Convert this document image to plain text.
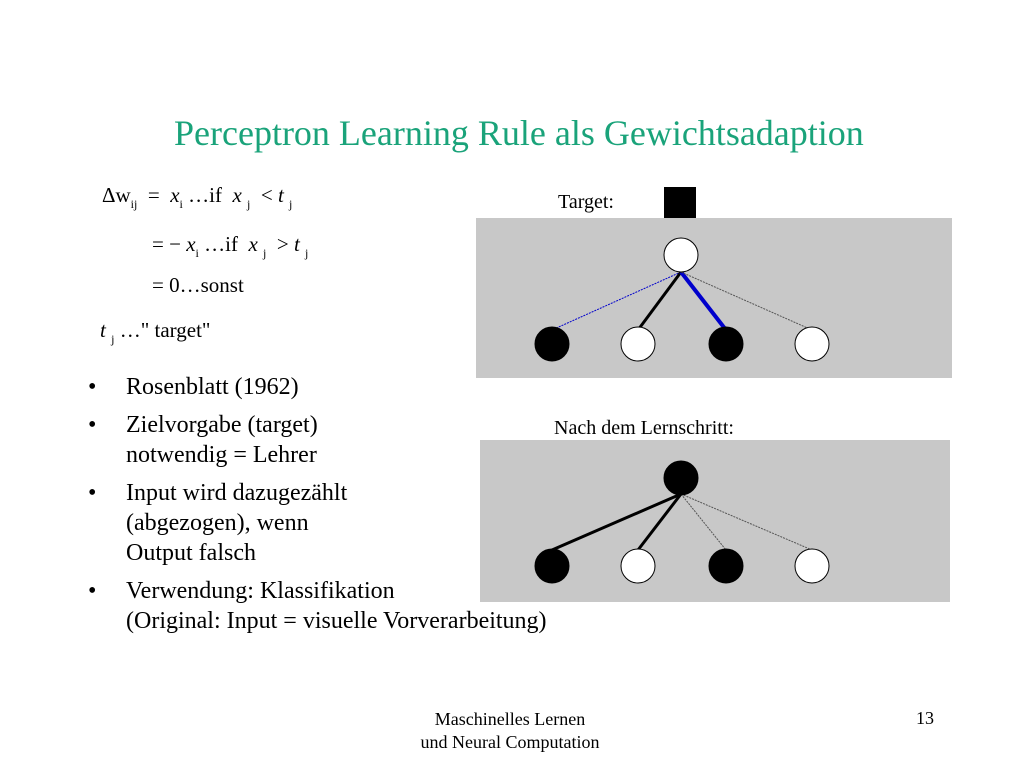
Perceptron Learning Rule als Gewichtsadaption
$\Delta w_{ij} = x_i$ …if x $_j$ < t $_j$
= − $x_i$ …if x $_j$ > t $_j$
= 0…sonst
t $_j$ …" target"
• Rosenblatt (1962)
• Zielvorgabe (target)
notwendig = Lehrer
• Input wird dazugezählt
(abgezogen), wenn
Output falsch
• Verwendung: Klassifikation
(Original: Input = visuelle Vorverarbeitung)
Target:
Nach dem Lernschritt:
Maschinelles Lernen
und Neural Computation
13
